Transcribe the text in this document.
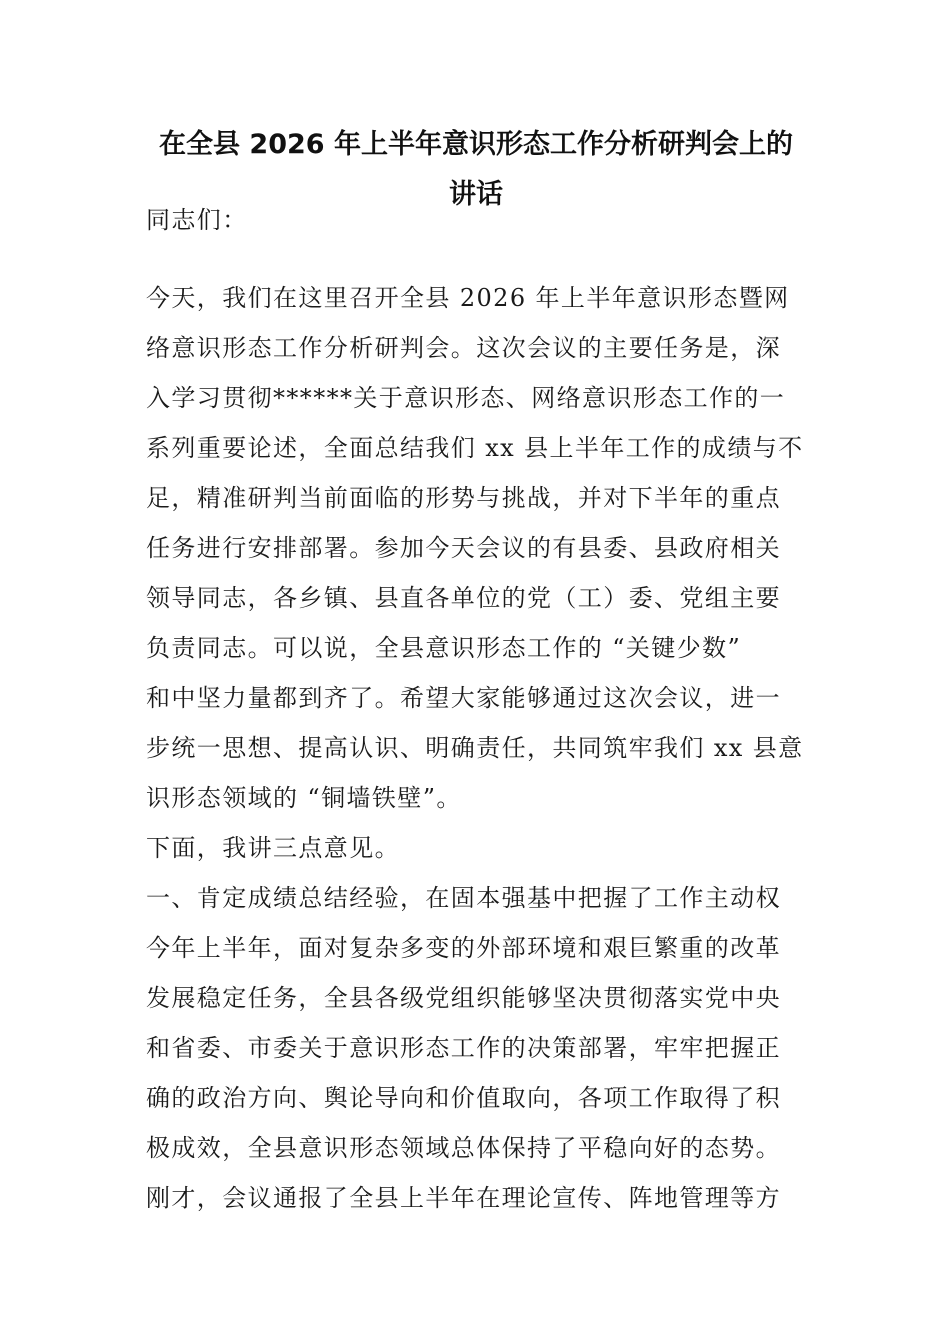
在全县 2026 年上半年意识形态工作分析研判会上的
讲话
同志们：
今天，我们在这里召开全县 2026 年上半年意识形态暨网
络意识形态工作分析研判会。这次会议的主要任务是，深
入学习贯彻******关于意识形态、网络意识形态工作的一
系列重要论述，全面总结我们 xx 县上半年工作的成绩与不
足，精准研判当前面临的形势与挑战，并对下半年的重点
任务进行安排部署。参加今天会议的有县委、县政府相关
领导同志，各乡镇、县直各单位的党（工）委、党组主要
负责同志。可以说，全县意识形态工作的 “关键少数”
和中坚力量都到齐了。希望大家能够通过这次会议，进一
步统一思想、提高认识、明确责任，共同筑牢我们 xx 县意
识形态领域的 “铜墙铁壁”。
下面，我讲三点意见。
一、肯定成绩总结经验，在固本强基中把握了工作主动权
今年上半年，面对复杂多变的外部环境和艰巨繁重的改革
发展稳定任务，全县各级党组织能够坚决贯彻落实党中央
和省委、市委关于意识形态工作的决策部署，牢牢把握正
确的政治方向、舆论导向和价值取向，各项工作取得了积
极成效，全县意识形态领域总体保持了平稳向好的态势。
刚才，会议通报了全县上半年在理论宣传、阵地管理等方
